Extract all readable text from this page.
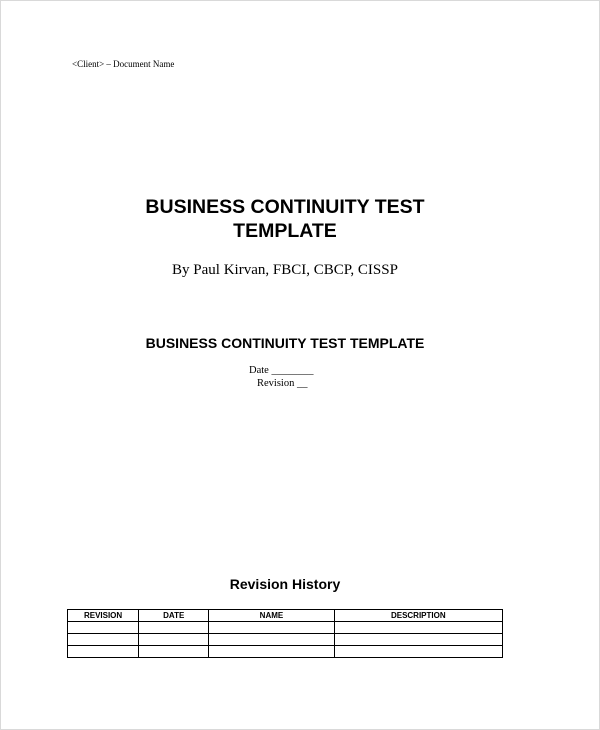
<Client> – Document Name
BUSINESS CONTINUITY TEST
TEMPLATE
By Paul Kirvan, FBCI, CBCP, CISSP
BUSINESS CONTINUITY TEST TEMPLATE
Date ________
Revision __
Revision History
REVISION	DATE	NAME	DESCRIPTION
